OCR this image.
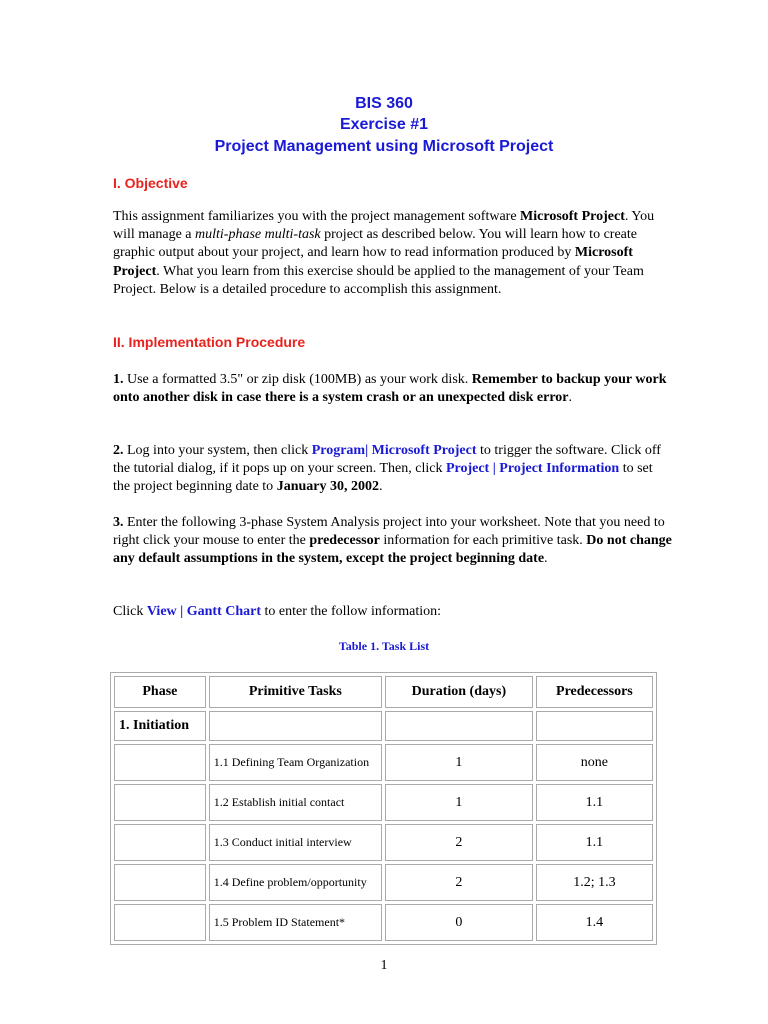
BIS 360
Exercise #1
Project Management using Microsoft Project
I. Objective
This assignment familiarizes you with the project management software Microsoft Project. You will manage a multi-phase multi-task project as described below. You will learn how to create graphic output about your project, and learn how to read information produced by Microsoft Project. What you learn from this exercise should be applied to the management of your Team Project. Below is a detailed procedure to accomplish this assignment.
II. Implementation Procedure
1. Use a formatted 3.5" or zip disk (100MB) as your work disk. Remember to backup your work onto another disk in case there is a system crash or an unexpected disk error.
2. Log into your system, then click Program| Microsoft Project to trigger the software. Click off the tutorial dialog, if it pops up on your screen. Then, click Project | Project Information to set the project beginning date to January 30, 2002.
3. Enter the following 3-phase System Analysis project into your worksheet. Note that you need to right click your mouse to enter the predecessor information for each primitive task. Do not change any default assumptions in the system, except the project beginning date.
Click View | Gantt Chart to enter the follow information:
Table 1. Task List
Phase	Primitive Tasks	Duration (days)	Predecessors
1. Initiation			
	1.1 Defining Team Organization	1	none
	1.2 Establish initial contact	1	1.1
	1.3 Conduct initial interview	2	1.1
	1.4 Define problem/opportunity	2	1.2; 1.3
	1.5 Problem ID Statement*	0	1.4
1
